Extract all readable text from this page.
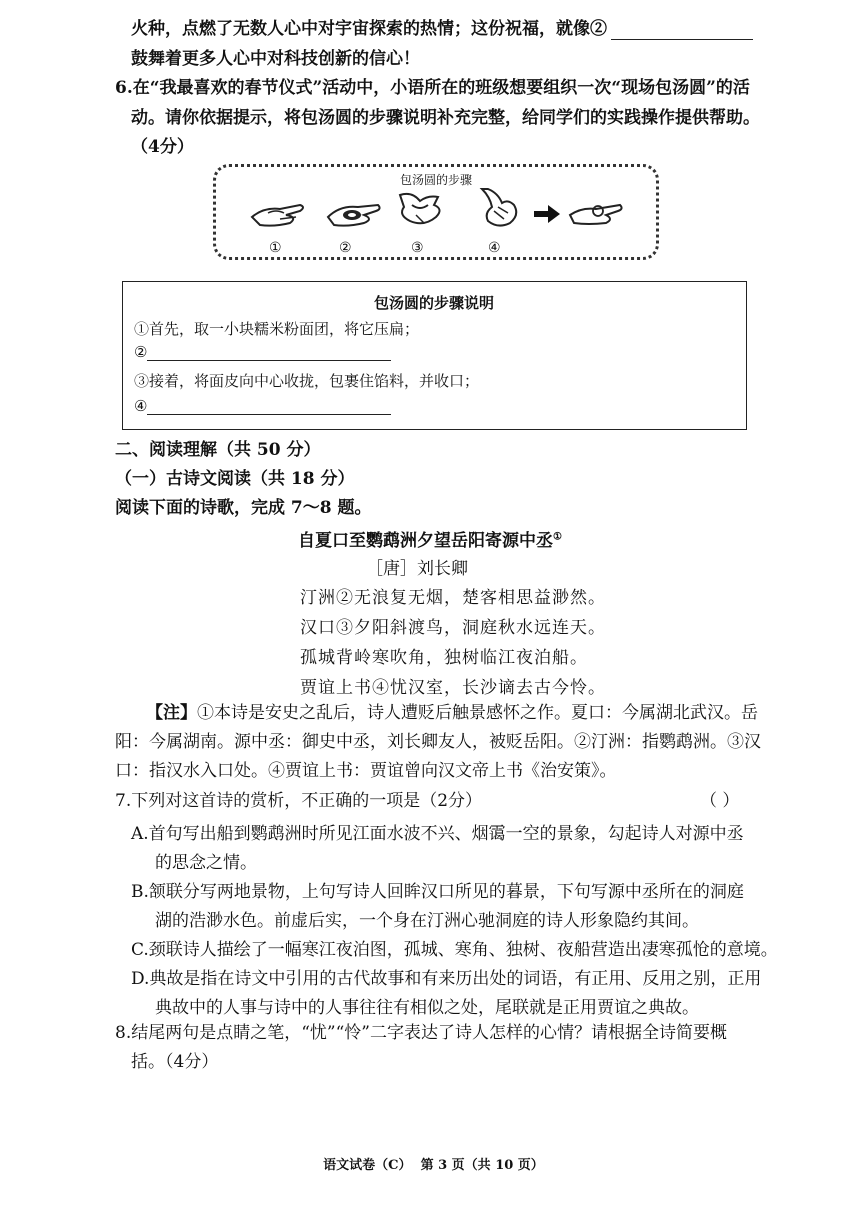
火种，点燃了无数人心中对宇宙探索的热情；这份祝福，就像②
鼓舞着更多人心中对科技创新的信心！
6.在“我最喜欢的春节仪式”活动中，小语所在的班级想要组织一次“现场包汤圆”的活
动。请你依据提示，将包汤圆的步骤说明补充完整，给同学们的实践操作提供帮助。
（4分）
包汤圆的步骤
①	②	③	④
包汤圆的步骤说明
①首先，取一小块糯米粉面团，将它压扁；
②
③接着，将面皮向中心收拢，包裹住馅料，并收口；
④
二、阅读理解（共 50 分）
（一）古诗文阅读（共 18 分）
阅读下面的诗歌，完成 7～8 题。
自夏口至鹦鹉洲夕望岳阳寄源中丞①
［唐］刘长卿
汀洲②无浪复无烟，楚客相思益渺然。
汉口③夕阳斜渡鸟，洞庭秋水远连天。
孤城背岭寒吹角，独树临江夜泊船。
贾谊上书④忧汉室，长沙谪去古今怜。
【注】①本诗是安史之乱后，诗人遭贬后触景感怀之作。夏口：今属湖北武汉。岳
阳：今属湖南。源中丞：御史中丞，刘长卿友人，被贬岳阳。②汀洲：指鹦鹉洲。③汉
口：指汉水入口处。④贾谊上书：贾谊曾向汉文帝上书《治安策》。
7.下列对这首诗的赏析，不正确的一项是（2分）	（ ）
A.首句写出船到鹦鹉洲时所见江面水波不兴、烟霭一空的景象，勾起诗人对源中丞
的思念之情。
B.颔联分写两地景物，上句写诗人回眸汉口所见的暮景，下句写源中丞所在的洞庭
湖的浩渺水色。前虚后实，一个身在汀洲心驰洞庭的诗人形象隐约其间。
C.颈联诗人描绘了一幅寒江夜泊图，孤城、寒角、独树、夜船营造出凄寒孤怆的意境。
D.典故是指在诗文中引用的古代故事和有来历出处的词语，有正用、反用之别，正用
典故中的人事与诗中的人事往往有相似之处，尾联就是正用贾谊之典故。
8.结尾两句是点睛之笔，“忧”“怜”二字表达了诗人怎样的心情？请根据全诗简要概
括。（4分）
语文试卷（C）  第 3 页（共 10 页）
